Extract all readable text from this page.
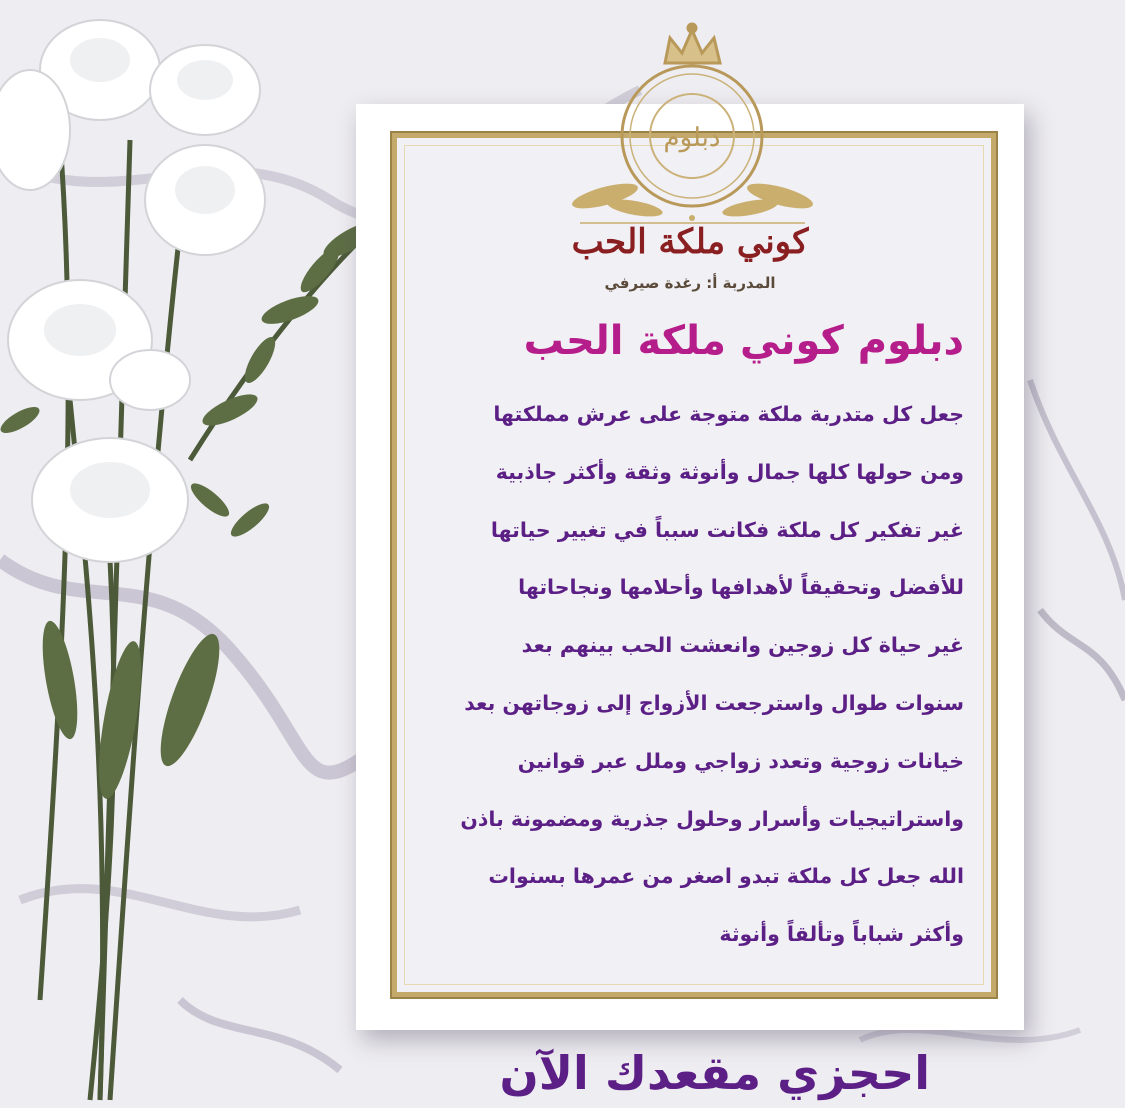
دبلوم
كوني ملكة الحب
المدربة أ: رغدة صيرفي
دبلوم كوني ملكة الحب
جعل كل متدربة ملكة متوجة على عرش مملكتها
ومن حولها كلها جمال وأنوثة وثقة وأكثر جاذبية
غير تفكير كل ملكة فكانت سبباً في تغيير حياتها
للأفضل وتحقيقاً لأهدافها وأحلامها ونجاحاتها
غير حياة كل زوجين وانعشت الحب بينهم بعد
سنوات طوال واسترجعت الأزواج إلى زوجاتهن بعد
خيانات زوجية وتعدد زواجي وملل عبر قوانين
واستراتيجيات وأسرار وحلول جذرية ومضمونة باذن
الله جعل كل ملكة تبدو اصغر من عمرها بسنوات
وأكثر شباباً وتألقاً وأنوثة
احجزي مقعدك الآن
